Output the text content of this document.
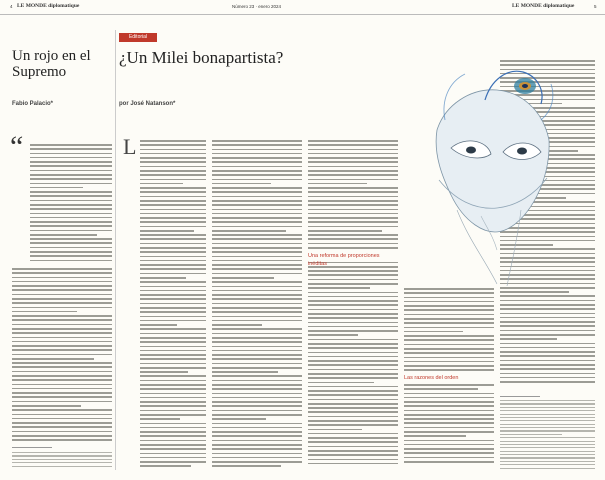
4 LE MONDE diplomatique	Número 23 · enero 2024	LE MONDE diplomatique	5
Editorial
Un rojo en el Supremo
Fabio Palacio*
¿Un Milei bonapartista?
por José Natanson*
“	L
Una reforma de proporciones inéditas
Las razones del orden
